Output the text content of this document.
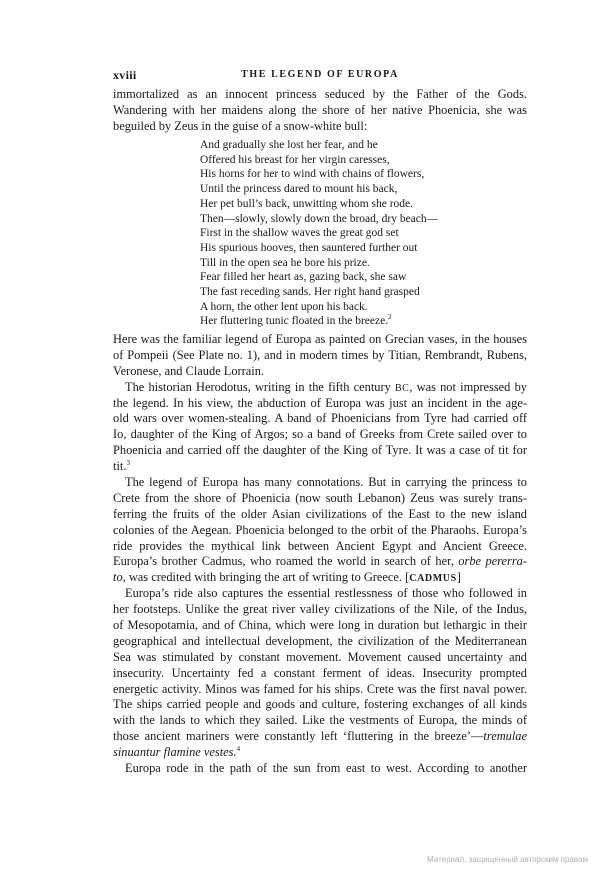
xviii	THE LEGEND OF EUROPA
immortalized as an innocent princess seduced by the Father of the Gods.
Wandering with her maidens along the shore of her native Phoenicia, she was
beguiled by Zeus in the guise of a snow-white bull:
And gradually she lost her fear, and he
Offered his breast for her virgin caresses,
His horns for her to wind with chains of flowers,
Until the princess dared to mount his back,
Her pet bull’s back, unwitting whom she rode.
Then—slowly, slowly down the broad, dry beach—
First in the shallow waves the great god set
His spurious hooves, then sauntered further out
Till in the open sea he bore his prize.
Fear filled her heart as, gazing back, she saw
The fast receding sands. Her right hand grasped
A horn, the other lent upon his back.
Her fluttering tunic floated in the breeze.$^2$
Here was the familiar legend of Europa as painted on Grecian vases, in the houses
of Pompeii (See Plate no. 1), and in modern times by Titian, Rembrandt, Rubens,
Veronese, and Claude Lorrain.
The historian Herodotus, writing in the fifth century BC, was not impressed by
the legend. In his view, the abduction of Europa was just an incident in the age-
old wars over women-stealing. A band of Phoenicians from Tyre had carried off
Io, daughter of the King of Argos; so a band of Greeks from Crete sailed over to
Phoenicia and carried off the daughter of the King of Tyre. It was a case of tit for
tit.$^3$
The legend of Europa has many connotations. But in carrying the princess to
Crete from the shore of Phoenicia (now south Lebanon) Zeus was surely trans-
ferring the fruits of the older Asian civilizations of the East to the new island
colonies of the Aegean. Phoenicia belonged to the orbit of the Pharaohs. Europa’s
ride provides the mythical link between Ancient Egypt and Ancient Greece.
Europa’s brother Cadmus, who roamed the world in search of her, orbe pererra-
to, was credited with bringing the art of writing to Greece. [CADMUS]
Europa’s ride also captures the essential restlessness of those who followed in
her footsteps. Unlike the great river valley civilizations of the Nile, of the Indus,
of Mesopotamia, and of China, which were long in duration but lethargic in their
geographical and intellectual development, the civilization of the Mediterranean
Sea was stimulated by constant movement. Movement caused uncertainty and
insecurity. Uncertainty fed a constant ferment of ideas. Insecurity prompted
energetic activity. Minos was famed for his ships. Crete was the first naval power.
The ships carried people and goods and culture, fostering exchanges of all kinds
with the lands to which they sailed. Like the vestments of Europa, the minds of
those ancient mariners were constantly left ‘fluttering in the breeze’—tremulae
sinuantur flamine vestes.$^4$
Europa rode in the path of the sun from east to west. According to another
Материал, защищенный авторским правом
